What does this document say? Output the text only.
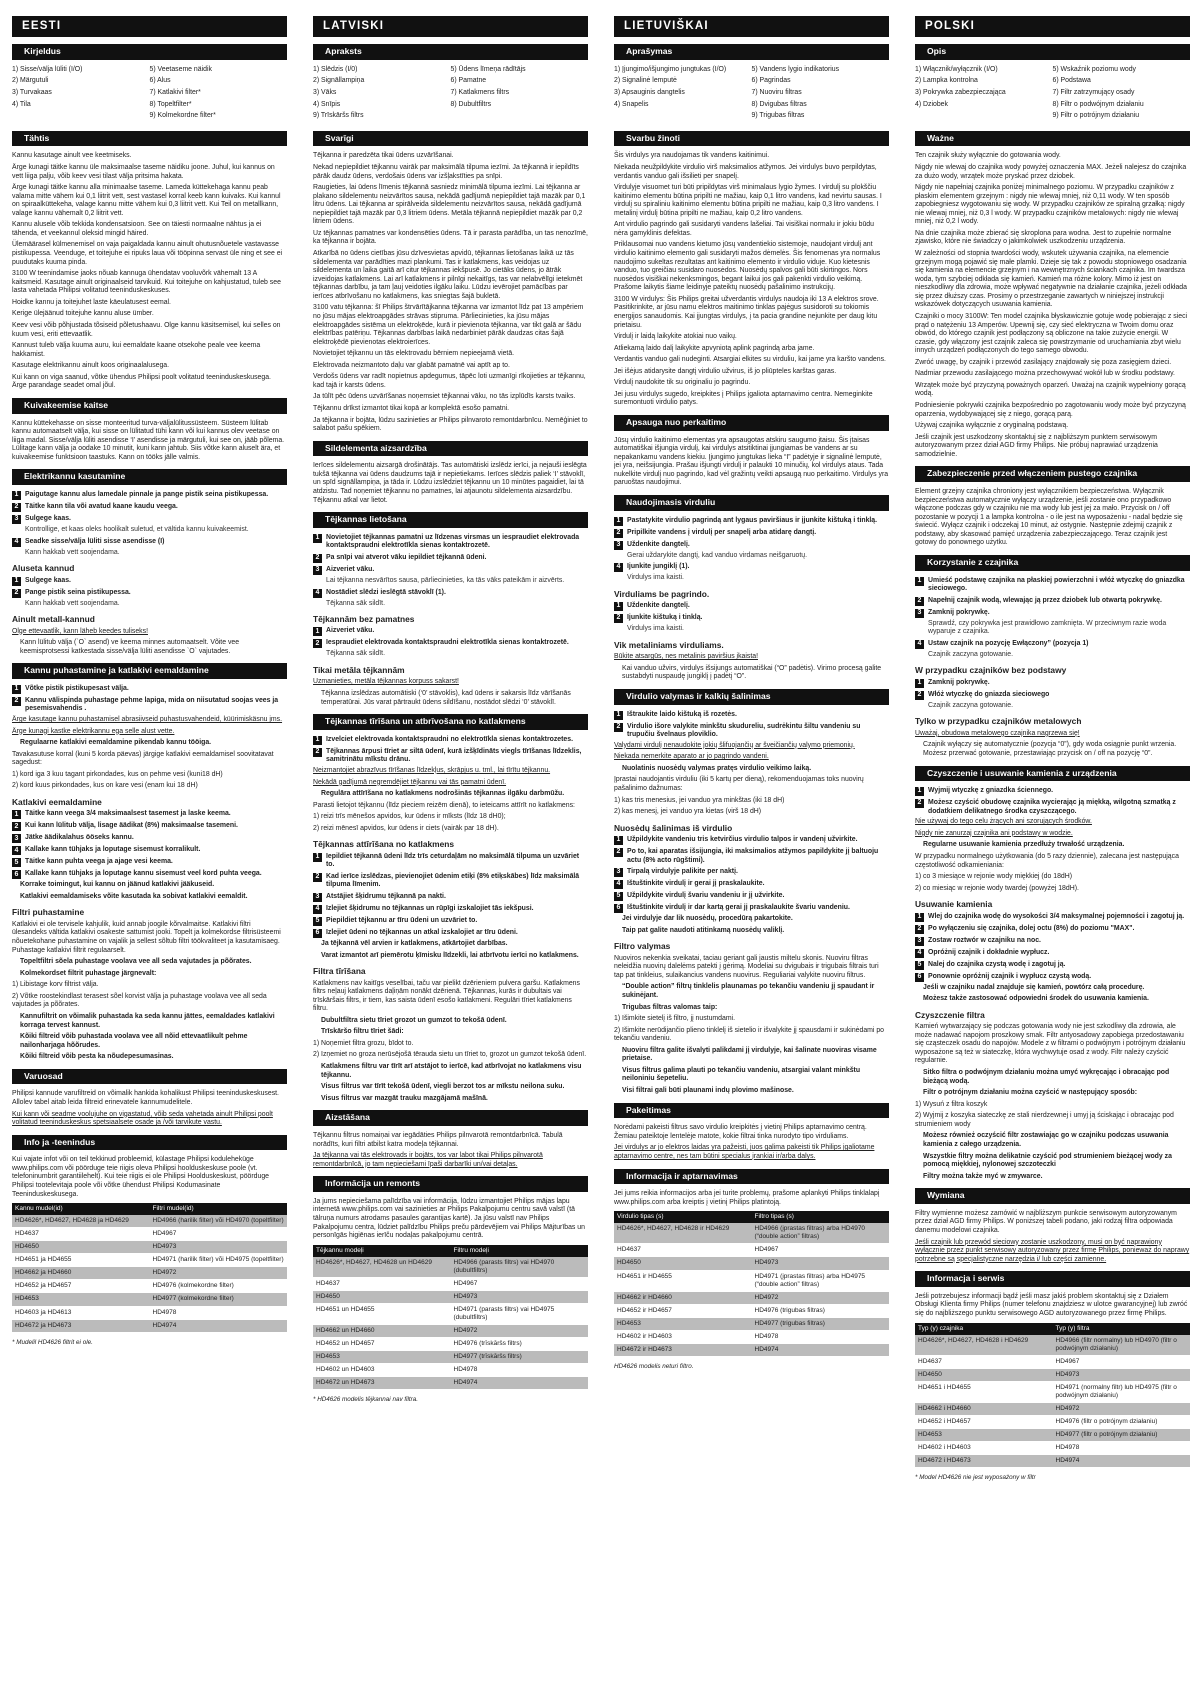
EESTI
Kirjeldus
1) Sisse/välja lüliti (I/O)
2) Märgutuli
3) Turvakaas
4) Tila
5) Veetaseme näidik
6) Alus
7) Katlakivi filter*
8) Topeltfilter*
9) Kolmekordne filter*
Tähtis
Kannu kasutage ainult vee keetmiseks.
Ärge kunagi täitke kannu üle maksimaalse taseme näidiku joone. Juhul, kui kannus on vett liiga palju, võib keev vesi tilast välja pritsima hakata.
Ärge kunagi täitke kannu alla minimaalse taseme. Lameda küttekehaga kannu peab valama mitte vähem kui 0,1 liitrit vett, sest vastasel korral keeb kann kuivaks. Kui kannul on spiraalküttekeha, valage kannu mitte vähem kui 0,3 liitrit vett. Kui Teil on metallkann, valage kannu vähemalt 0,2 liitrit vett.
Kannu alusele võib tekkida kondensatsioon. See on täiesti normaalne nähtus ja ei tähenda, et veekannul oleksid mingid häired.
Ülemäärasel külmenemisel on vaja paigaldada kannu ainult ohutusnõuetele vastavasse pistikupessa. Veenduge, et toitejuhe ei ripuks laua või tööpinna servast üle ning et see ei puudutaks kuuma pinda.
3100 W teenindamise jaoks nõuab kannuga ühendatav vooluvõrk vähemalt 13 A kaitsmeid. Kasutage ainult originaalseid tarvikuid. Kui toitejuhe on kahjustatud, tuleb see lasta vahetada Philipsi volitatud teeninduskeskuses.
Hoidke kannu ja toitejuhet laste käeulatusest eemal.
Kerige ülejäänud toitejuhe kannu aluse ümber.
Keev vesi võib põhjustada tõsiseid põletushaavu. Olge kannu käsitsemisel, kui selles on kuum vesi, eriti ettevaatlik.
Kannust tuleb välja kuuma auru, kui eemaldate kaane otsekohe peale vee keema hakkamist.
Kasutage elektrikannu ainult koos originaalalusega.
Kui kann on viga saanud, võtke ühendus Philipsi poolt volitatud teeninduskeskusega. Ärge parandage seadet omal jõul.
Kuivakeemise kaitse
Kannu küttekehasse on sisse monteeritud turva-väljalülitussüsteem. Süsteem lülitab kannu automaatselt välja, kui sisse on lülitatud tühi kann või kui kannus olev veetase on liiga madal. Sisse/välja lüliti asendisse ‘I’ asendisse ja märgutuli, kui see on, jääb põlema. Lülitage kann välja ja oodake 10 minutit, kuni kann jahtub. Siis võtke kann aluselt ära, et kuivakeemise funktsioon taastuks. Kann on tööks jälle valmis.
Elektrikannu kasutamine
1 Paigutage kannu alus lamedale pinnale ja pange pistik seina pistikupessa.
2 Täitke kann tila või avatud kaane kaudu veega.
3 Sulgege kaas.
Kontrollige, et kaas oleks hoolikalt suletud, et vältida kannu kuivakeemist.
4 Seadke sisse/välja lüliti sisse asendisse (I)
Kann hakkab vett soojendama.
Aluseta kannud
1 Sulgege kaas.
2 Pange pistik seina pistikupessa.
Kann hakkab vett soojendama.
Ainult metall-kannud
Olge ettevaatlik, kann läheb keedes tuliseks!
Kann lülitub välja (`O` asend) ve keema minnes automaatselt. Võite vee keemisprotsessi katkestada sisse/välja lüliti asendisse `O` vajutades.
Kannu puhastamine ja katlakivi eemaldamine
1 Võtke pistik pistikupesast välja.
2 Kannu välispinda puhastage pehme lapiga, mida on niisutatud soojas vees ja pesemisvahendis .
Ärge kasutage kannu puhastamisel abrasiivseid puhastusvahendeid, küürimiskäsnu jms.
Ärge kunagi kastke elektrikannu ega selle alust vette.
Regulaarne katlakivi eemaldamine pikendab kannu tööiga.
Tavakasutuse korral (kuni 5 korda päevas) järgige katlakivi eemaldamisel soovitatavat sagedust:
1) kord iga 3 kuu tagant pirkondades, kus on pehme vesi (kuni18 dH)
2) kord kuus pirkondades, kus on kare vesi (enam kui 18 dH)
Katlakivi eemaldamine
1 Täitke kann veega 3/4 maksimaalsest tasemest ja laske keema.
2 Kui kann lülitub välja, lisage äädikat (8%) maksimaalse tasemeni.
3 Jätke äädikalahus ööseks kannu.
4 Kallake kann tühjaks ja loputage sisemust korralikult.
5 Täitke kann puhta veega ja ajage vesi keema.
6 Kallake kann tühjaks ja loputage kannu sisemust veel kord puhta veega.
Korrake toimingut, kui kannu on jäänud katlakivi jääkuseid.
Katlakivi eemaldamiseks võite kasutada ka sobivat katlakivi eemaldit.
Filtri puhastamine
Katlakivi ei ole tervisele kahjulik, kuid annab joogile kõrvalmaitse. Katlakivi filtri ülesandeks vältida katlakivi osakeste sattumist jooki. Topelt ja kolmekordse filtrisüsteemi nõuetekohane puhastamine on vajalik ja sellest sõltub filtri töökvaliteet ja kasutamisaeg. Puhastage katlakivi filtrit regulaarselt.
Topeltfiltri sõela puhastage voolava vee all seda vajutades ja põõrates.
Kolmekordset filtrit puhastage järgnevalt:
1) Libistage korv filtrist välja.
2) Võtke roostekindlast terasest sõel korvist välja ja puhastage voolava vee all seda vajutades ja põõrates.
Kannufiltrit on võimalik puhastada ka seda kannu jättes, eemaldades katlakivi korraga tervest kannust.
Kõiki filtreid võib puhastada voolava vee all nõid ettevaatlikult pehme nailonharjaga hõõrudes.
Kõiki filtreid võib pesta ka nõudepesumasinas.
Varuosad
Philipsi kannude varufiltreid on võimalik hankida kohalikust Philipsi teeninduskeskusest. Allolev tabel aitab leida filtreid erinevatele kannumudelitele.
Kui kann või seadme voolujuhe on vigastatud, võib seda vahetada ainult Philipsi poolt volitatud teeninduskeskus spetsiaalsete osade ja /või tarvikute vastu.
Info ja -teenindus
Kui vajate infot või on teil tekkinud probleemid, külastage Philipsi koduleheküge www.philips.com või pöörduge teie riigis oleva Philipsi hoolduskeskuse poole (vt. telefoninumbrit garantiilehelt). Kui teie riigis ei ole Philipsi Hoolduskeskust, pöörduge Philipsi tootelevitaja poole või võtke ühendust Philipsi Kodumasinate Teeninduskeskusega.
Kannu mudel(id)	Filtri mudel(id)
HD4626*, HD4627, HD4628 ja HD4629	HD4966 (harilik filter) või HD4970 (topeltfilter)
HD4637	HD4967
HD4650	HD4973
HD4651 ja HD4655	HD4971 (harilik filter) või HD4975 (topeltfilter)
HD4662 ja HD4660	HD4972
HD4652 ja HD4657	HD4976 (kolmekordne filter)
HD4653	HD4977 (kolmekordne filter)
HD4603 ja HD4613	HD4978
HD4672 ja HD4673	HD4974
* Mudelil HD4626 filtrit ei ole.
LATVISKI
Apraksts
1) Slēdzis (I/0)
2) Signāllampiņa
3) Vāks
4) Snīpis
9) Trīskāršs filtrs
5) Ūdens līmeņa rādītājs
6) Pamatne
7) Katlakmens filtrs
8) Dubultfiltrs
Svarīgi
Tējkanna ir paredzēta tikai ūdens uzvārīšanai.
Nekad nepiepildiet tējkannu vairāk par maksimālā tilpuma iezīmi. Ja tējkannā ir iepildīts pārāk daudz ūdens, verdošais ūdens var izšļakstīties pa snīpi.
Raugieties, lai ūdens līmenis tējkannā sasniedz minimālā tilpuma iezīmi. Lai tējkanna ar plakano sildelementu neizvārītos sausa, nekādā gadījumā nepiepildiet tajā mazāk par 0,1 litru ūdens. Lai tējkanna ar spirālveida sildelementu neizvārītos sausa, nekādā gadījumā nepiepildiet tajā mazāk par 0,3 litriem ūdens. Metāla tējkannā nepiepildiet mazāk par 0,2 litriem ūdens.
Uz tējkannas pamatnes var kondensēties ūdens. Tā ir parasta parādība, un tas nenozīmē, ka tējkanna ir bojāta.
Atkarībā no ūdens cietības jūsu dzīvesvietas apvidū, tējkannas lietošanas laikā uz tās sildelementa var parādīties mazi plankumi. Tas ir katlakmens, kas veidojas uz sildelementa un laika gaitā arī citur tējkannas iekšpusē. Jo cietāks ūdens, jo ātrāk izveidojas katlakmens. Lai arī katlakmens ir pilnīgi nekaitīgs, tas var nelabvēlīgi ietekmēt tējkannas darbību, ja tam ļauj veidoties ilgāku laiku. Lūdzu ievērojiet pamācības par ierīces atbrīvošanu no katlakmens, kas sniegtas šajā bukletā.
3100 vatu tējkanna: šī Philips štrvārītājkanna tējkanna var izmantot līdz pat 13 ampēriem no jūsu mājas elektroapgādes strāvas stiprumа. Pārliecinieties, ka jūsu mājas elektroapgādes sistēma un elektroķēde, kurā ir pievienota tējkanna, var tikt galā ar šādu elektrības patēriņu. Tējkannas darbības laikā nedarbiniet pārāk daudzas citas šajā elektroķēdē pievienotas elektroierīces.
Novietojiet tējkannu un tās elektrovadu bērniem nepieejamā vietā.
Elektrovada neizmantoto daļu var glabāt pamatnē vai aptīt ap to.
Verdošs ūdens var radīt nopietnus apdegumus, tāpēc loti uzmanīgi rīkojieties ar tējkannu, kad tajā ir karsts ūdens.
Ja tūlīt pēc ūdens uzvārīšanas noņemsiet tējkannai vāku, no tās izplūdīs karsts tvaiks.
Tējkannu drīkst izmantot tikai kopā ar komplektā esošo pamatni.
Ja tējkanna ir bojāta, lūdzu sazinieties ar Philips pilnvaroto remontdarbnīcu. Nemēģiniet to salabot pašu spēkiem.
Sildelementa aizsardzība
Ierīces sildelementu aizsargā drošinātājs. Tas automātiski izslēdz ierīci, ja nejauši ieslēgta tukšā tējkanna vai ūdens daudzums tajā ir nepietiekams. Ierīces slēdzis paliek ‘I’ stāvoklī, un spīd signāllampiņa, ja tāda ir. Lūdzu izslēdziet tējkannu un 10 minūtes pagaidiet, lai tā atdzistu. Tad noņemiet tējkannu no pamatnes, lai atjaunotu sildelementa aizsardzību. Tējkannu atkal var lietot.
Tējkannas lietošana
1 Novietojiet tējkannas pamatni uz līdzenas virsmas un iespraudiet elektrovada kontaktspraudni elektrotīkla sienas kontaktrozetē.
2 Pa snīpi vai atverot vāku iepildiet tējkannā ūdeni.
3 Aizveriet vāku.
Lai tējkanna nesvārītos sausa, pārliecinieties, ka tās vāks pateikām ir aizvērts.
4 Nostādiet slēdzi ieslēgtā stāvoklī (1).
Tējkanna sāk sildīt.
Tējkannām bez pamatnes
1 Aizveriet vāku.
2 Iespraudiet elektrovada kontaktspraudni elektrotīkla sienas kontaktrozetē.
Tējkanna sāk sildīt.
Tikai metāla tējkannām
Uzmanieties, metāla tējkannas korpuss sakarst!
Tējkanna izslēdzas automātiski (‘0’ stāvoklis), kad ūdens ir sakarsis līdz vārīšanās temperatūrai. Jūs varat pārtraukt ūdens sildīšanu, nostādot slēdzi ‘0’ stāvoklī.
Tējkannas tīrīšana un atbrīvošana no katlakmens
1 Izvelciet elektrovada kontaktspraudni no elektrotīkla sienas kontaktrozetes.
2 Tējkannas ārpusi tīriet ar siltā ūdenī, kurā izšķīdināts viegls tīrīšanas līdzeklis, samitrinātu mīkstu drānu.
Neizmantojiet abrazīvus tīrīšanas līdzekļus, skrāpjus u. tml., lai tīrītu tējkannu.
Nekādā gadījumā negremdējiet tējkannu vai tās pamatni ūdenī.
Regulāra attīrīšana no katlakmens nodrošinās tējkannas ilgāku darbmūžu.
Parasti lietojot tējkannu (līdz pieciem reizēm dienā), to ieteicams attīrīt no katlakmens:
1) reizi trīs mēnešos apvidos, kur ūdens ir mīksts (līdz 18 dH0);
2) reizi mēnesī apvidos, kur ūdens ir ciets (vairāk par 18 dH).
Tējkannas attīrīšana no katlakmens
1 Iepildiet tējkannā ūdeni līdz trīs ceturdaļām no maksimālā tilpuma un uzvāriet to.
2 Kad ierīce izslēdzas, pievienojiet ūdenim etiķi (8% etiķskābes) līdz maksimālā tilpuma līmenim.
3 Atstājiet šķidrumu tējkannā pa nakti.
4 Izlejiet šķidrumu no tējkannas un rūpīgi izskalojiet tās iekšpusi.
5 Piepildiet tējkannu ar tīru ūdeni un uzvāriet to.
6 Izlejiet ūdeni no tējkannas un atkal izskalojiet ar tīru ūdeni.
Ja tējkannā vēl arvien ir katlakmens, atkārtojiet darbības.
Varat izmantot arī piemērotu ķīmisku līdzekli, lai atbrīvotu ierīci no katlakmens.
Filtra tīrīšana
Katlakmens nav kaitīgs veselībai, taču var pielikt dzērieniem pulvera garšu. Katlakmens filtrs neļauj katlakmens daļiņām nonākt dzērienā. Tējkannas, kurās ir dubultais vai trīskāršais filtrs, ir tiem, kas saista ūdenī esošo katlakmeni. Regulāri tīriet katlakmens filtru.
Dubultfiltra sietu tīriet grozot un gumzot to tekošā ūdenī.
Trīskāršo filtru tīriet šādi:
1) Noņemiet filtra grozu, bīdot to.
2) Izņemiet no groza nerūsējošā tērauda sietu un tīriet to, grozot un gumzot tekošā ūdenī.
Katlakmens filtru var tīrīt arī atstājot to ierīcē, kad atbrīvojat no katlakmens visu tējkannu.
Visus filtrus var tīrīt tekošā ūdenī, viegli berzot tos ar mīkstu neilona suku.
Visus filtrus var mazgāt trauku mazgājamā mašīnā.
Aizstāšana
Tējkannu filtrus nomaiņai var iegādāties Philips pilnvarotā remontdarbnīcā. Tabulā norādīts, kuri filtri atbilst katra modeļa tējkannai.
Ja tējkanna vai tās elektrovads ir bojāts, tos var labot tikai Philips pilnvarotā remontdarbnīcā, jo tam nepieciešami īpaši darbarīki un/vai detaļas.
Informācija un remonts
Ja jums nepieciešama palīdzība vai informācija, lūdzu izmantojiet Philips mājas lapu internetā www.philips.com vai sazinieties ar Philips Pakalpojumu centru savā valstī (tā tālruņa numurs atrodams pasaules garantijas kartē). Ja jūsu valstī nav Philips Pakalpojumu centra, lūdziet palīdzību Philips preču pārdevējiem vai Philips Mājturības un personīgās higiēnas ierīču nodaļas pakalpojumu centrā.
Tējkannu modeļi	Filtru modeļi
HD4626*, HD4627, HD4628 un HD4629	HD4966 (parasts filtrs) vai HD4970 (dubultfiltrs)
HD4637	HD4967
HD4650	HD4973
HD4651 un HD4655	HD4971 (parasts filtrs) vai HD4975 (dubultfiltrs)
HD4662 un HD4660	HD4972
HD4652 un HD4657	HD4976 (trīskāršs filtrs)
HD4653	HD4977 (trīskāršs filtrs)
HD4602 un HD4603	HD4978
HD4672 un HD4673	HD4974
* HD4626 modelis tējkannai nav filtra.
LIETUVIŠKAI
Aprašymas
1) Įjungimo/išjungimo jungtukas (I/O)
2) Signalinė lemputė
3) Apsauginis dangtelis
4) Snapelis
5) Vandens lygio indikatorius
6) Pagrindas
7) Nuoviru filtras
8) Dvigubas filtras
9) Trigubas filtras
Svarbu žinoti
Šis virdulys yra naudojamas tik vandens kaitinimui.
Niekada neužpildykite virdulio virš maksimalios atžymos. Jei virdulys buvo perpildytas, verdantis vanduo gali išsilieti per snapelį.
Virdulyje visuomet turi būti pripildytas virš minimalaus lygio žymes. I virdulį su plokščiu kaitinimo elementu būtina pripilti ne mažiau, kaip 0,1 litro vandens, kad nevirtu sausas. I virdulį su spiraliniu kaitinimo elementu būtina pripilti ne mažiau, kaip 0,3 litro vandens. I metalinį virdulį būtina pripilti ne mažiau, kaip 0,2 litro vandens.
Ant virdulio pagrindo gali susidaryti vandens lašeliai. Tai visiškai normalu ir jokiu būdu nėra gamyklinis defektas.
Priklausomai nuo vandens kietumo jūsų vandentiekio sistemoje, naudojant virdulį ant virdulio kaitinimo elemento gali susidaryti mažos dėmelės. Šis fenomenas yra normalus naudojimo sukeltas rezultatas ant kaitinimo elemento ir virdulio viduje. Kuo kietesnis vanduo, tuo greičiau susidaro nuosėdos. Nuosėdų spalvos gali būti skirtingos. Nors nuosėdos visiškai nekenksmingos, begant laikui jos gali pakenkti virdulio veikimą. Prašome laikytis šiame leidinyje pateiktų nuosėdų pašalinimo instrukcijų.
3100 W virdulys: Šis Philips greitai užverdantis virdulys naudoja iki 13 A elektros srove. Pasitikrinkite, ar jūsu namu elektros maitinimo tinklas pajėgus susidoroti su tokiomis energijos sanaudomis. Kai įjungtas virdulys, į ta pacia grandine nejunkite per daug kitu prietaisu.
Virdulį ir laidą laikykite atokiai nuo vaikų.
Atliekamą laido dalį laikykite apvyniotą aplink pagrindą arba jame.
Verdantis vanduo gali nudeginti. Atsargiai elkites su virduliu, kai jame yra karšto vandens.
Jei išėjus atidarysite dangtį virdulio užvirus, iš jo pliūpteles karštas garas.
Virdulį naudokite tik su originaliu jo pagrindu.
Jei jusu virdulys sugedo, kreipkites į Philips įgaliota aptarnavimo centra. Nemeginkite suremontuoti virdulio patys.
Apsauga nuo perkaitimo
Jūsų virdulio kaitinimo elementas yra apsaugotas atskiru saugumo įtaisu. Šis įtaisas automatiškai išjungia virdulį, kai virdulys atsitiktinai įjungiamas be vandens ar su nepakankamu vandens kiekiu. Įjungimo jungtukas lieka “I” padėtyje ir signalinė lemputė, jei yra, neišsijungia. Prašau išjungti virdulį ir palaukti 10 minučių, kol virdulys ataus. Tada nukelkite virdulį nuo pagrindo, kad vėl gražintų veikti apsaugą nuo perkaitimo. Virdulys yra paruoštas naudojimui.
Naudojimasis virduliu
1 Pastatykite virdulio pagrindą ant lygaus paviršiaus ir įjunkite kištuką i tinklą.
2 Pripilkite vandens į virdulį per snapelį arba atidarę dangtį.
3 Uždenkite dangtelį.
Gerai uždarykite dangtį, kad vanduo virdamas neišgaruotų.
4 Ijunkite jungiklį (1).
Virdulys ima kaisti.
Virduliams be pagrindo.
1 Uždenkite dangtelį.
2 Ijunkite kištuką i tinklą.
Virdulys ima kaisti.
Vik metaliniams virduliams.
Būkite atsargūs, nes metalinis paviršius įkaista!
Kai vanduo užvirs, virdulys išsijungs automatiškai (“O” padėtis). Virimo procesą galite sustabdyti nuspaudę jungiklį į padėtį “O”.
Virdulio valymas ir kalkių šalinimas
1 Ištraukite laido kištuką iš rozetės.
2 Virdulio išore valykite minkštu skudureliu, sudrėkintu šiltu vandeniu su trupučiu švelnaus ploviklio.
Valydami virdulį nenaudokite jokių šlifuojančių ar šveičiančių valymo priemonių.
Niekada nemerkite aparato ar jo pagrindo vandeni.
Nuolatinis nuosėdų valymas pratęs virdulio veikimo laiką.
Įprastai naudojantis virduliu (iki 5 kartų per dieną), rekomenduojamas toks nuovirų pašalinimo dažnumas:
1) kas tris menesius, jei vanduo yra minkštas (iki 18 dH)
2) kas menesį, jei vanduo yra kietas (virš 18 dH)
Nuosėdų šalinimas iš virdulio
1 Užpildykite vandeniu tris ketvirčius virdulio talpos ir vandenį užvirkite.
2 Po to, kai aparatas išsijungia, iki maksimalios atžymos papildykite jį baltuoju actu (8% acto rūgštimi).
3 Tirpalą virdulyje palikite per naktį.
4 Ištuštinkite virdulį ir gerai jį praskalaukite.
5 Užpildykite virdulį švariu vandeniu ir jį užvirkite.
6 Ištuštinkite virdulį ir dar kartą gerai jį praskalaukite švariu vandeniu.
Jei virdulyje dar lik nuosėdų, procedūrą pakartokite.
Taip pat galite naudoti atitinkamą nuosėdų valiklį.
Filtro valymas
Nuoviros nekenkia sveikatai, taciau geriant gali jaustis miltelu skonis. Nuoviru filtras neleidžia nuovirų dalelėms patekti į gėrimą. Modeliai su dvigubais ir trigubais filtrais turi tap pat tinkleius, sulaikancius vandens nuovirus. Reguliariai valykite nuoviru filtrus.
“Double action” filtrų tinklelis plaunamas po tekančiu vandeniu jį spaudant ir sukinėjant.
Trigubas filtras valomas taip:
1) Išimkite sietelį iš filtro, jį nustumdami.
2) Išimkite nerūdijančio plieno tinklelį iš sietelio ir išvalykite jį spausdami ir sukinėdami po tekančiu vandeniu.
Nuoviru filtra galite išvalyti palikdami jį virdulyje, kai šalinate nuoviras visame prietaise.
Visus filtrus galima plauti po tekančiu vandeniu, atsargiai valant minkštu neiloniniu šepeteliu.
Visi filtrai gali būti plaunami indų plovimo mašinose.
Pakeitimas
Norėdami pakeisti filtrus savo virdulio kreipkitės į vietinį Philips aptarnavimo centrą. Žemiau pateiktoje lentelėje matote, kokie filtrai tinka nurodyto tipo virduliams.
Jei virdulys ar jo elektros laidas yra pažeisti, juos galima pakeisti tik Philips įgaliotame aptarnavimo centre, nes tam būtini specialus įrankiai ir/arba dalys.
Informacija ir aptarnavimas
Jei jums reikia informacijos arba jei turite problemų, prašome aplankyti Philips tinklalapį www.philips.com arba kreiptis į vietinį Philips platintoją.
Virdulio tipas (s)	Filtro tipas (s)
HD4626*, HD4627, HD4628 ir HD4629	HD4966 (įprastas filtras) arba HD4970 (“double action” filtras)
HD4637	HD4967
HD4650	HD4973
HD4651 ir HD4655	HD4971 (įprastas filtras) arba HD4975 (“double action” filtras)
HD4662 ir HD4660	HD4972
HD4652 ir HD4657	HD4976 (trigubas filtras)
HD4653	HD4977 (trigubas filtras)
HD4602 ir HD4603	HD4978
HD4672 ir HD4673	HD4974
HD4626 modelis neturi filtro.
POLSKI
Opis
1) Włącznik/wyłącznik (I/O)
2) Lampka kontrolna
3) Pokrywka zabezpieczająca
4) Dziobek
5) Wskaźnik poziomu wody
6) Podstawa
7) Filtr zatrzymujący osady
8) Filtr o podwójnym działaniu
9) Filtr o potrójnym działaniu
Ważne
Ten czajnik służy wyłącznie do gotowania wody.
Nigdy nie wlewaj do czajnika wody powyżej oznaczenia MAX. Jeżeli nalejesz do czajnika za dużo wody, wrzątek może pryskać przez dziobek.
Nigdy nie napełniaj czajnika poniżej minimalnego poziomu. W przypadku czajników z płaskim elementem grzejnym : nigdy nie wlewaj mniej, niż 0,11 wody. W ten sposób zapobiegniesz wygotowaniu się wody. W przypadku czajników ze spiralną grzałką: nigdy nie wlewaj mniej, niż 0,3 l wody. W przypadku czajników metalowych: nigdy nie wlewaj mniej, niż 0,2 l wody.
Na dnie czajnika może zbierać się skroplona para wodna. Jest to zupełnie normalne zjawisko, które nie świadczy o jakimkolwiek uszkodzeniu urządzenia.
W zależności od stopnia twardości wody, wskutek używania czajnika, na elemencie grzejnym mogą pojawić się małe plamki. Dzieje się tak z powodu stopniowego osadzania się kamienia na elemencie grzejnym i na wewnętrznych ściankach czajnika. Im twardsza woda, tym szybciej odkłada się kamień. Kamień ma różne kolory. Mimo iż jest on nieszkodliwy dla zdrowia, może wpływać negatywnie na działanie czajnika, jeżeli odkłada się przez dłuższy czas. Prosimy o przestrzeganie zawartych w niniejszej instrukcji wskazówek dotyczących usuwania kamienia.
Czajniki o mocy 3100W: Ten model czajnika błyskawicznie gotuje wodę pobierając z sieci prąd o natężeniu 13 Amperów. Upewnij się, czy sieć elektryczna w Twoim domu oraz obwód, do którego czajnik jest podłączony są obliczone na takie zużycie energii. W czasie, gdy włączony jest czajnik zaleca się powstrzymanie od uruchamiania zbyt wielu innych urządzeń podłączonych do tego samego obwodu.
Zwróć uwagę, by czajnik i przewód zasilający znajdowały się poza zasięgiem dzieci.
Nadmiar przewodu zasilającego można przechowywać wokół lub w środku podstawy.
Wrzątek może być przyczyną poważnych oparzeń. Uważaj na czajnik wypełniony gorącą wodą.
Podniesienie pokrywki czajnika bezpośrednio po zagotowaniu wody może być przyczyną oparzenia, wydobywającej się z niego, gorącą parą.
Używaj czajnika wyłącznie z oryginalną podstawą.
Jeśli czajnik jest uszkodzony skontaktuj się z najbliższym punktem serwisowym autoryzowanym przez dział AGD firmy Philips. Nie próbuj naprawiać urządzenia samodzielnie.
Zabezpieczenie przed włączeniem pustego czajnika
Element grzejny czajnika chroniony jest wyłącznikiem bezpieczeństwa. Wyłącznik bezpieczeństwa automatycznie wyłączy urządzenie, jeśli zostanie ono przypadkowo włączone podczas gdy w czajniku nie ma wody lub jest jej za mało. Przycisk on / off pozostanie w pozycji 1 a lampka kontrolna - o ile jest na wyposażeniu - nadal będzie się świecić. Wyłącz czajnik i odczekaj 10 minut, aż ostygnie. Następnie zdejmij czajnik z podstawy, aby skasować pamięć urządzenia zabezpieczającego. Teraz czajnik jest gotowy do ponownego użytku.
Korzystanie z czajnika
1 Umieść podstawę czajnika na płaskiej powierzchni i włóż wtyczkę do gniazdka sieciowego.
2 Napełnij czajnik wodą, wlewając ją przez dziobek lub otwartą pokrywkę.
3 Zamknij pokrywkę.
Sprawdź, czy pokrywka jest prawidłowo zamknięta. W przeciwnym razie woda wyparuje z czajnika.
4 Ustaw czajnik na pozycję Ewłączony” (pozycja 1)
Czajnik zaczyna gotowanie.
W przypadku czajników bez podstawy
1 Zamknij pokrywkę.
2 Włóż wtyczkę do gniazda sieciowego
Czajnik zaczyna gotowanie.
Tylko w przypadku czajników metalowych
Uważaj, obudowa metalowego czajnika nagrzewa się!
Czajnik wyłączy się automatycznie (pozycja “0”), gdy woda osiągnie punkt wrzenia. Możesz przerwać gotowanie, przestawiając przycisk on / off na pozycję “0”.
Czyszczenie i usuwanie kamienia z urządzenia
1 Wyjmij wtyczkę z gniazdka ściennego.
2 Możesz czyścić obudowę czajnika wycierając ją miękką, wilgotną szmatką z dodatkiem delikatnego środka czyszczącego.
Nie używaj do tego celu żrących ani szorujących środków.
Nigdy nie zanurzaj czajnika ani podstawy w wodzie.
Regularne usuwanie kamienia przedłuży trwałość urządzenia.
W przypadku normalnego użytkowania (do 5 razy dziennie), zalecana jest następująca częstotliwość odkamieniania:
1) co 3 miesiące w rejonie wody miękkiej (do 18dH)
2) co miesiąc w rejonie wody twardej (powyżej 18dH).
Usuwanie kamienia
1 Wlej do czajnika wodę do wysokości 3/4 maksymalnej pojemności i zagotuj ją.
2 Po wyłączeniu się czajnika, dolej octu (8%) do poziomu "MAX".
3 Zostaw roztwór w czajniku na noc.
4 Opróżnij czajnik i dokładnie wypłucz.
5 Nalej do czajnika czystą wodę i zagotuj ją.
6 Ponownie opróżnij czajnik i wypłucz czystą wodą.
Jeśli w czajniku nadal znajduje się kamień, powtórz całą procedurę.
Możesz także zastosować odpowiedni środek do usuwania kamienia.
Czyszczenie filtra
Kamień wytwarzający się podczas gotowania wody nie jest szkodliwy dla zdrowia, ale może nadawać napojom proszkowy smak. Filtr antyosadowy zapobiega przedostawaniu się cząsteczek osadu do napojów. Modele z w filtrami o podwójnym i potrójnym działaniu wyposażone są też w siateczkę, która wychwytuje osad z wody. Filtr należy czyścić regularnie.
Sitko filtra o podwójnym działaniu można umyć wykręcając i obracając pod bieżącą wodą.
Filtr o potrójnym działaniu można czyścić w następujący sposób:
1) Wysuń z filtra koszyk
2) Wyjmij z koszyka siateczkę ze stali nierdzewnej i umyj ją ściskając i obracając pod strumieniem wody
Możesz również oczyścić filtr zostawiając go w czajniku podczas usuwania kamienia z całego urządzenia.
Wszystkie filtry można delikatnie czyścić pod strumieniem bieżącej wody za pomocą miękkiej, nylonowej szczoteczki
Filtry można także myć w zmywarce.
Wymiana
Filtry wymienne możesz zamówić w najbliższym punkcie serwisowym autoryzowanym przez dział AGD firmy Philips. W poniższej tabeli podano, jaki rodzaj filtra odpowiada danemu modelowi czajnika.
Jeśli czajnik lub przewód sieciowy zostanie uszkodzony, musi on być naprawiony wyłącznie przez punkt serwisowy autoryzowany przez firmę Philips, ponieważ do naprawy potrzebne są specjalistyczne narzędzia i/ lub części zamienne.
Informacja i serwis
Jeśli potrzebujesz informacji bądź jeśli masz jakiś problem skontaktuj się z Działem Obsługi Klienta firmy Philips (numer telefonu znajdziesz w ulotce gwarancyjnej) lub zwróć się do najbliższego punktu serwisowego AGD autoryzowanego przez firmę Philips.
Typ (y) czajnika	Typ (y) filtra
HD4626*, HD4627, HD4628 i HD4629	HD4966 (filtr normalny) lub HD4970 (filtr o podwójnym działaniu)
HD4637	HD4967
HD4650	HD4973
HD4651 i HD4655	HD4971 (normalny filtr) lub HD4975 (filtr o podwójnym działaniu)
HD4662 i HD4660	HD4972
HD4652 i HD4657	HD4976 (filtr o potrójnym działaniu)
HD4653	HD4977 (filtr o potrójnym działaniu)
HD4602 i HD4603	HD4978
HD4672 i HD4673	HD4974
* Model HD4626 nie jest wyposażony w filtr
